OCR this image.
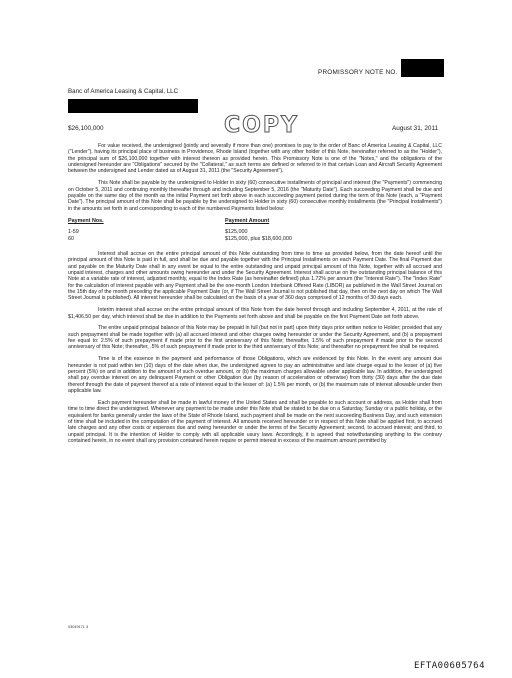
PROMISSORY NOTE NO.
Banc of America Leasing & Capital, LLC
$26,100,000	COPY	August 31, 2011

For value received, the undersigned (jointly and severally if more than one) promises to pay to the order of Banc of America Leasing & Capital, LLC ("Lender"), having its principal place of business in Providence, Rhode Island (together with any other holder of this Note, hereinafter referred to as the "Holder"), the principal sum of $26,100,000 together with interest thereon as provided herein. This Promissory Note is one of the "Notes," and the obligations of the undersigned hereunder are "Obligations" secured by the "Collateral," as such terms are defined or referred to in that certain Loan and Aircraft Security Agreement between the undersigned and Lender dated as of August 31, 2011 (the "Security Agreement").

This Note shall be payable by the undersigned to Holder in sixty (60) consecutive installments of principal and interest (the "Payments") commencing on October 5, 2011 and continuing monthly thereafter through and including September 5, 2016 (the "Maturity Date"). Each succeeding Payment shall be due and payable on the same day of the month as the initial Payment set forth above in each succeeding payment period during the term of this Note (each, a "Payment Date"). The principal amount of this Note shall be payable by the undersigned to Holder in sixty (60) consecutive monthly installments (the "Principal Installments") in the amounts set forth in and corresponding to each of the numbered Payments listed below:

Payment Nos.	Payment Amount
1-59	$125,000
60	$125,000, plus $18,600,000

Interest shall accrue on the entire principal amount of this Note outstanding from time to time as provided below, from the date hereof until the principal amount of this Note is paid in full, and shall be due and payable together with the Principal Installments on each Payment Date. The final Payment due and payable on the Maturity Date shall in any event be equal to the entire outstanding and unpaid principal amount of this Note, together with all accrued and unpaid interest, charges and other amounts owing hereunder and under the Security Agreement. Interest shall accrue on the outstanding principal balance of this Note at a variable rate of interest, adjusted monthly, equal to the Index Rate (as hereinafter defined) plus 1.72% per annum (the "Interest Rate"). The "Index Rate" for the calculation of interest payable with any Payment shall be the one-month London Interbank Offered Rate (LIBOR) as published in the Wall Street Journal on the 15th day of the month preceding the applicable Payment Date (or, if The Wall Street Journal is not published that day, then on the next day on which The Wall Street Journal is published). All interest hereunder shall be calculated on the basis of a year of 360 days comprised of 12 months of 30 days each.

Interim interest shall accrue on the entire principal amount of this Note from the date hereof through and including September 4, 2011, at the rate of $1,406.50 per day, which interest shall be due in addition to the Payments set forth above and shall be payable on the first Payment Date set forth above.

The entire unpaid principal balance of this Note may be prepaid in full (but not in part) upon thirty days prior written notice to Holder; provided that any such prepayment shall be made together with (a) all accrued interest and other charges owing hereunder or under the Security Agreement, and (b) a prepayment fee equal to: 2.5% of such prepayment if made prior to the first anniversary of this Note; thereafter, 1.5% of such prepayment if made prior to the second anniversary of this Note; thereafter, .5% of such prepayment if made prior to the third anniversary of this Note; and thereafter no prepayment fee shall be required.

Time is of the essence in the payment and performance of those Obligations, which are evidenced by this Note. In the event any amount due hereunder is not paid within ten (10) days of the date when due, the undersigned agrees to pay an administrative and late charge equal to the lesser of (a) five percent (5%) on and in addition to the amount of such overdue amount, or (b) the maximum charges allowable under applicable law. In addition, the undersigned shall pay overdue interest on any delinquent Payment or other Obligation due (by reason of acceleration or otherwise) from thirty (30) days after the due date thereof through the date of payment thereof at a rate of interest equal to the lesser of: (a) 1.5% per month, or (b) the maximum rate of interest allowable under then applicable law.

Each payment hereunder shall be made in lawful money of the United States and shall be payable to such account or address, as Holder shall from time to time direct the undersigned. Whenever any payment to be made under this Note shall be stated to be due on a Saturday, Sunday or a public holiday, or the equivalent for banks generally under the laws of the State of Rhode Island, such payment shall be made on the next succeeding Business Day, and such extension of time shall be included in the computation of the payment of interest. All amounts received hereunder or in respect of this Note shall be applied first, to accrued late charges and any other costs or expenses due and owing hereunder or under the terms of the Security Agreement; second, to accrued interest; and third, to unpaid principal. It is the intention of Holder to comply with all applicable usury laws. Accordingly, it is agreed that notwithstanding anything to the contrary contained herein, in no event shall any provision contained herein require or permit interest in excess of the maximum amount permitted by

03049171 3
EFTA00605764
